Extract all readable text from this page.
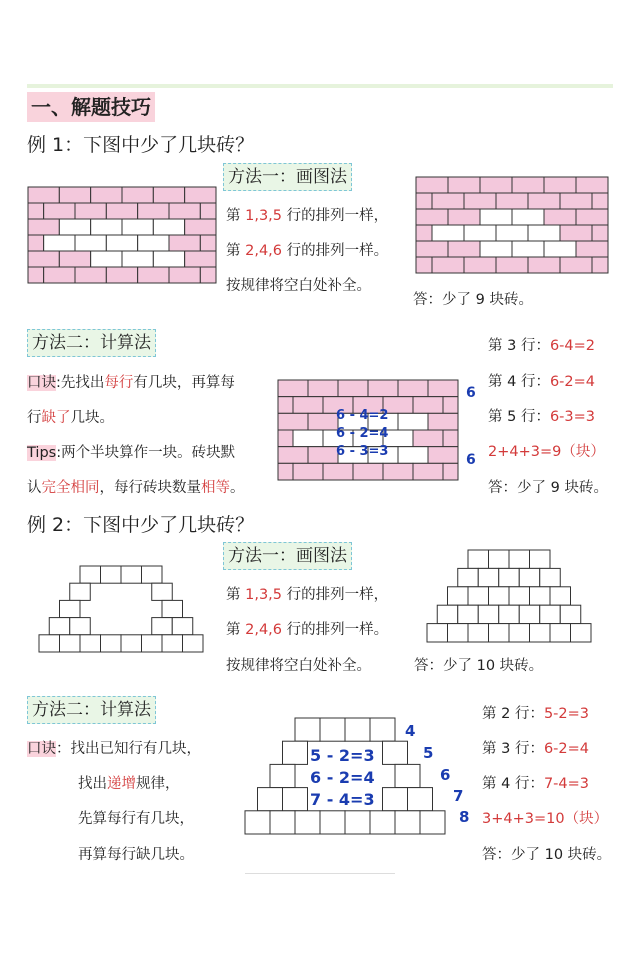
一、解题技巧
例 1：下图中少了几块砖？
方法一：画图法
第 1,3,5 行的排列一样，
第 2,4,6 行的排列一样。
按规律将空白处补全。
答：少了 9 块砖。
方法二：计算法
口诀:先找出每行有几块，再算每
行缺了几块。
Tips:两个半块算作一块。砖块默
认完全相同，每行砖块数量相等。
6 - 4=2
6 - 2=4
6 - 3=3
6
6
第 3 行：6-4=2
第 4 行：6-2=4
第 5 行：6-3=3
2+4+3=9（块）
答：少了 9 块砖。
例 2：下图中少了几块砖？
方法一：画图法
第 1,3,5 行的排列一样，
第 2,4,6 行的排列一样。
按规律将空白处补全。	答：少了 10 块砖。
方法二：计算法
口诀：找出已知行有几块，
找出递增规律，
先算每行有几块，
再算每行缺几块。
5 - 2=3
6 - 2=4
7 - 4=3
4
5
6
7
8
第 2 行：5-2=3
第 3 行：6-2=4
第 4 行：7-4=3
3+4+3=10（块）
答：少了 10 块砖。
